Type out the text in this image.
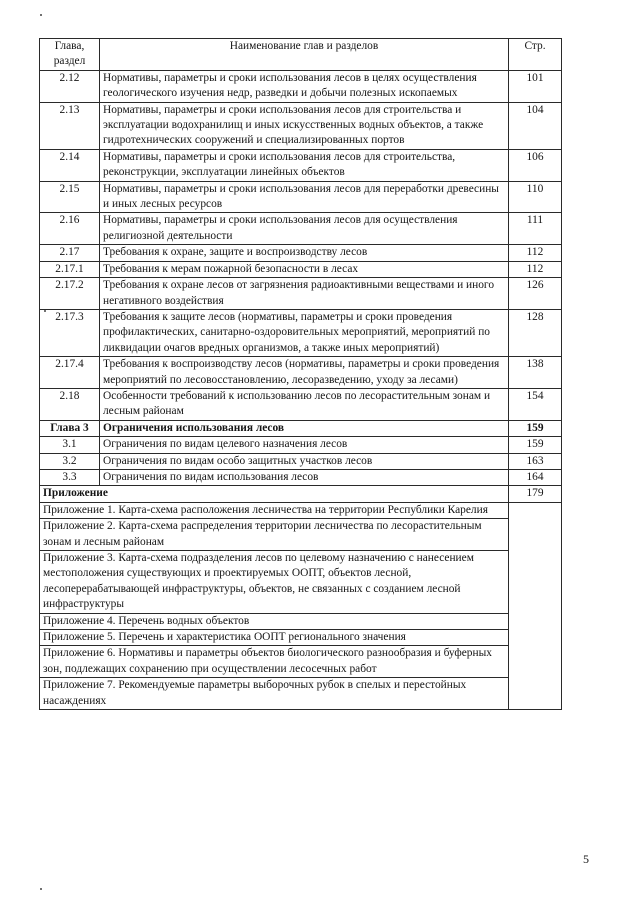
Глава, раздел	Наименование глав и разделов	Стр.
2.12	Нормативы, параметры и сроки использования лесов в целях осуществления геологического изучения недр, разведки и добычи полезных ископаемых	101
2.13	Нормативы, параметры и сроки использования лесов для строительства и эксплуатации водохранилищ и иных искусственных водных объектов, а также гидротехнических сооружений и специализированных портов	104
2.14	Нормативы, параметры и сроки использования лесов для строительства, реконструкции, эксплуатации линейных объектов	106
2.15	Нормативы, параметры и сроки использования лесов для переработки древесины и иных лесных ресурсов	110
2.16	Нормативы, параметры и сроки использования лесов для осуществления религиозной деятельности	111
2.17	Требования к охране, защите и воспроизводству лесов	112
2.17.1	Требования к мерам пожарной безопасности в лесах	112
2.17.2	Требования к охране лесов от загрязнения радиоактивными веществами и иного негативного воздействия	126
2.17.3	Требования к защите лесов (нормативы, параметры и сроки проведения профилактических, санитарно-оздоровительных мероприятий, мероприятий по ликвидации очагов вредных организмов, а также иных мероприятий)	128
2.17.4	Требования к воспроизводству лесов (нормативы, параметры и сроки проведения мероприятий по лесовосстановлению, лесоразведению, уходу за лесами)	138
2.18	Особенности требований к использованию лесов по лесорастительным зонам и лесным районам	154
Глава 3	Ограничения использования лесов	159
3.1	Ограничения по видам целевого назначения лесов	159
3.2	Ограничения по видам особо защитных участков лесов	163
3.3	Ограничения по видам использования лесов	164
Приложение		179
Приложение 1. Карта-схема расположения лесничества на территории Республики Карелия		
Приложение 2. Карта-схема распределения территории лесничества по лесорастительным зонам и лесным районам		
Приложение 3. Карта-схема подразделения лесов по целевому назначению с нанесением местоположения существующих и проектируемых ООПТ, объектов лесной, лесоперерабатывающей инфраструктуры, объектов, не связанных с созданием лесной инфраструктуры		
Приложение 4. Перечень водных объектов		
Приложение 5. Перечень и характеристика ООПТ регионального значения		
Приложение 6. Нормативы и параметры объектов биологического разнообразия и буферных зон, подлежащих сохранению при осуществлении лесосечных работ		
Приложение 7. Рекомендуемые параметры выборочных рубок в спелых и перестойных насаждениях		
5
